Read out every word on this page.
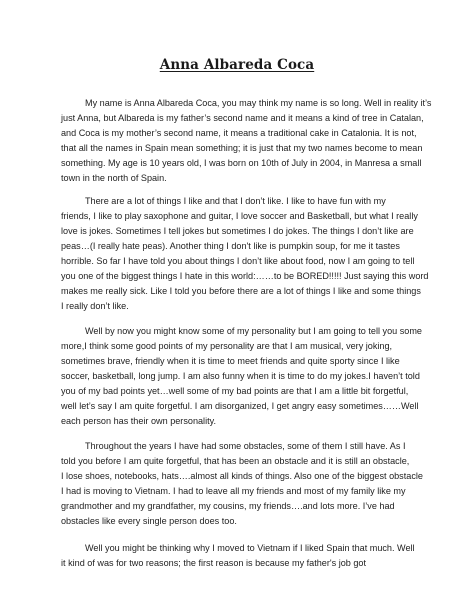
Anna Albareda Coca
My name is Anna Albareda Coca, you may think my name is so long. Well in reality it’s
just Anna, but Albareda is my father’s second name and it means a kind of tree in Catalan,
and Coca is my mother’s second name, it means a traditional cake in Catalonia. It is not,
that all the names in Spain mean something; it is just that my two names become to mean
something. My age is 10 years old, I was born on 10th of July in 2004, in Manresa a small
town in the north of Spain.
There are a lot of things I like and that I don’t like. I like to have fun with my
friends, I like to play saxophone and guitar, I love soccer and Basketball, but what I really
love is jokes. Sometimes I tell jokes but sometimes I do jokes. The things I don’t like are
peas…(I really hate peas). Another thing I don't like is pumpkin soup, for me it tastes
horrible. So far I have told you about things I don’t like about food, now I am going to tell
you one of the biggest things I hate in this world:……to be BORED!!!!! Just saying this word
makes me really sick. Like I told you before there are a lot of things I like and some things
I really don’t like.
Well by now you might know some of my personality but I am going to tell you some
more,I think some good points of my personality are that I am musical, very joking,
sometimes brave, friendly when it is time to meet friends and quite sporty since I like
soccer, basketball, long jump. I am also funny when it is time to do my jokes.I haven’t told
you of my bad points yet…well some of my bad points are that I am a little bit forgetful,
well let’s say I am quite forgetful. I am disorganized, I get angry easy sometimes……Well
each person has their own personality.
Throughout the years I have had some obstacles, some of them I still have. As I
told you before I am quite forgetful, that has been an obstacle and it is still an obstacle,
I lose shoes, notebooks, hats….almost all kinds of things. Also one of the biggest obstacle
I had is moving to Vietnam. I had to leave all my friends and most of my family like my
grandmother and my grandfather, my cousins, my friends….and lots more. I’ve had
obstacles like every single person does too.
Well you might be thinking why I moved to Vietnam if I liked Spain that much. Well
it kind of was for two reasons; the first reason is because my father's job got
